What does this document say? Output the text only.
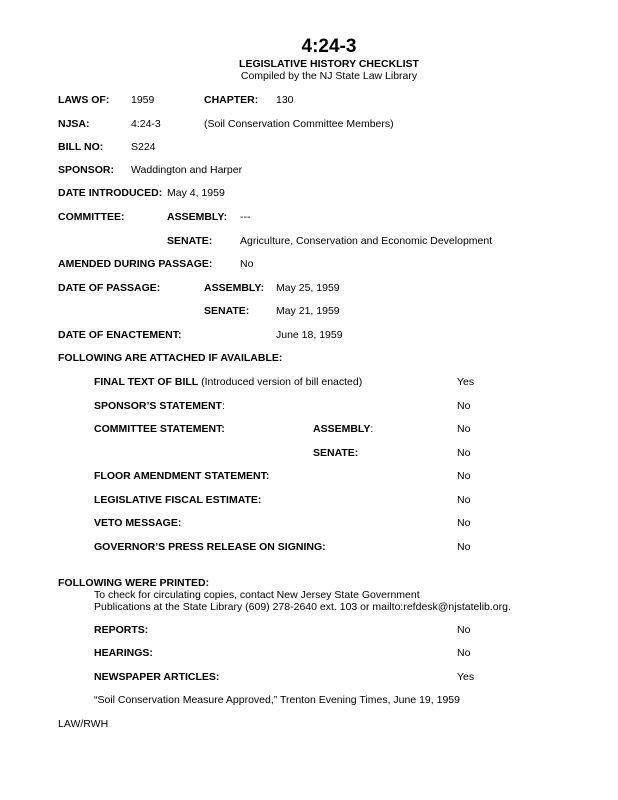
4:24-3
LEGISLATIVE HISTORY CHECKLIST
Compiled by the NJ State Law Library
LAWS OF: 1959	CHAPTER: 130
NJSA:	4:24-3	(Soil Conservation Committee Members)
BILL NO:	S224
SPONSOR: Waddington and Harper
DATE INTRODUCED: May 4, 1959
COMMITTEE:	ASSEMBLY: ---
SENATE:	Agriculture, Conservation and Economic Development
AMENDED DURING PASSAGE:	No
DATE OF PASSAGE:	ASSEMBLY: May 25, 1959
SENATE:	May 21, 1959
DATE OF ENACTEMENT:	June 18, 1959
FOLLOWING ARE ATTACHED IF AVAILABLE:
FINAL TEXT OF BILL (Introduced version of bill enacted)	Yes
SPONSOR’S STATEMENT:	No
COMMITTEE STATEMENT:	ASSEMBLY:	No
SENATE:	No
FLOOR AMENDMENT STATEMENT:	No
LEGISLATIVE FISCAL ESTIMATE:	No
VETO MESSAGE:	No
GOVERNOR’S PRESS RELEASE ON SIGNING:	No
FOLLOWING WERE PRINTED:
To check for circulating copies, contact New Jersey State Government
Publications at the State Library (609) 278-2640 ext. 103 or mailto:refdesk@njstatelib.org.
REPORTS:	No
HEARINGS:	No
NEWSPAPER ARTICLES:	Yes
“Soil Conservation Measure Approved,” Trenton Evening Times, June 19, 1959
LAW/RWH
